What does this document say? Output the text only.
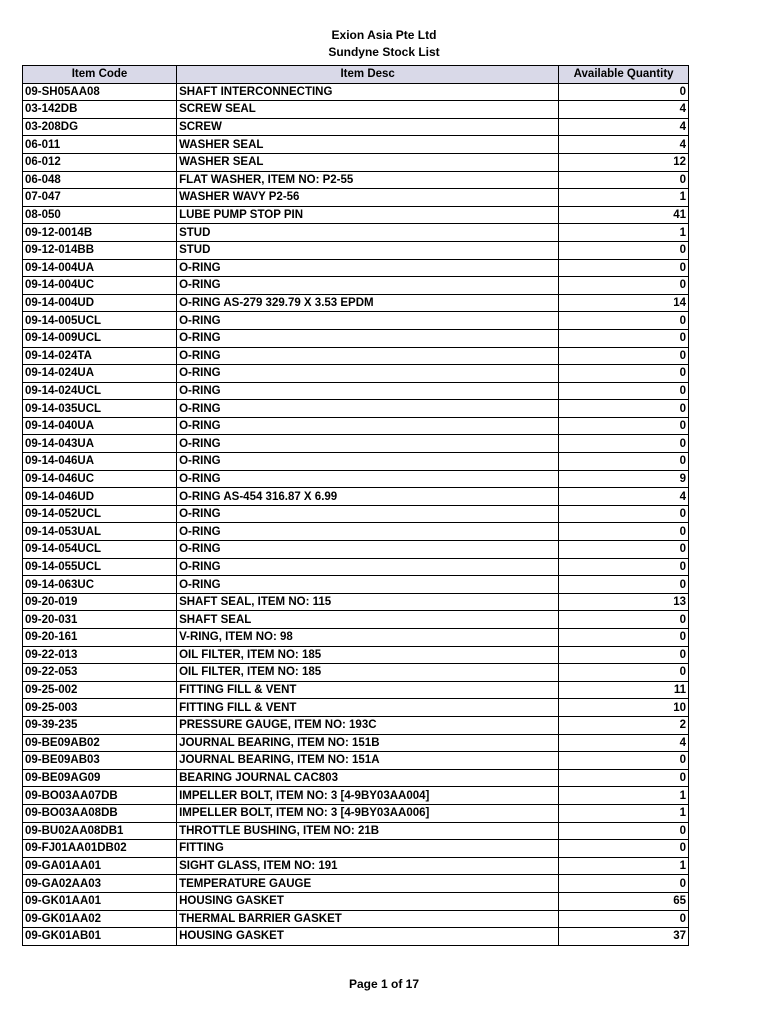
Exion Asia Pte Ltd
Sundyne Stock List
Item Code	Item Desc	Available Quantity
09-SH05AA08	SHAFT INTERCONNECTING	0
03-142DB	SCREW SEAL	4
03-208DG	SCREW	4
06-011	WASHER SEAL	4
06-012	WASHER SEAL	12
06-048	FLAT WASHER, ITEM NO: P2-55	0
07-047	WASHER WAVY P2-56	1
08-050	LUBE PUMP STOP PIN	41
09-12-0014B	STUD	1
09-12-014BB	STUD	0
09-14-004UA	O-RING	0
09-14-004UC	O-RING	0
09-14-004UD	O-RING AS-279 329.79 X 3.53 EPDM	14
09-14-005UCL	O-RING	0
09-14-009UCL	O-RING	0
09-14-024TA	O-RING	0
09-14-024UA	O-RING	0
09-14-024UCL	O-RING	0
09-14-035UCL	O-RING	0
09-14-040UA	O-RING	0
09-14-043UA	O-RING	0
09-14-046UA	O-RING	0
09-14-046UC	O-RING	9
09-14-046UD	O-RING AS-454 316.87 X 6.99	4
09-14-052UCL	O-RING	0
09-14-053UAL	O-RING	0
09-14-054UCL	O-RING	0
09-14-055UCL	O-RING	0
09-14-063UC	O-RING	0
09-20-019	SHAFT SEAL, ITEM NO: 115	13
09-20-031	SHAFT SEAL	0
09-20-161	V-RING, ITEM NO: 98	0
09-22-013	OIL FILTER, ITEM NO: 185	0
09-22-053	OIL FILTER, ITEM NO: 185	0
09-25-002	FITTING FILL & VENT	11
09-25-003	FITTING FILL & VENT	10
09-39-235	PRESSURE GAUGE, ITEM NO: 193C	2
09-BE09AB02	JOURNAL BEARING, ITEM NO: 151B	4
09-BE09AB03	JOURNAL BEARING, ITEM NO: 151A	0
09-BE09AG09	BEARING JOURNAL CAC803	0
09-BO03AA07DB	IMPELLER BOLT, ITEM NO: 3 [4-9BY03AA004]	1
09-BO03AA08DB	IMPELLER BOLT, ITEM NO: 3 [4-9BY03AA006]	1
09-BU02AA08DB1	THROTTLE BUSHING, ITEM NO: 21B	0
09-FJ01AA01DB02	FITTING	0
09-GA01AA01	SIGHT GLASS, ITEM NO: 191	1
09-GA02AA03	TEMPERATURE GAUGE	0
09-GK01AA01	HOUSING GASKET	65
09-GK01AA02	THERMAL BARRIER GASKET	0
09-GK01AB01	HOUSING GASKET	37
Page 1 of 17
